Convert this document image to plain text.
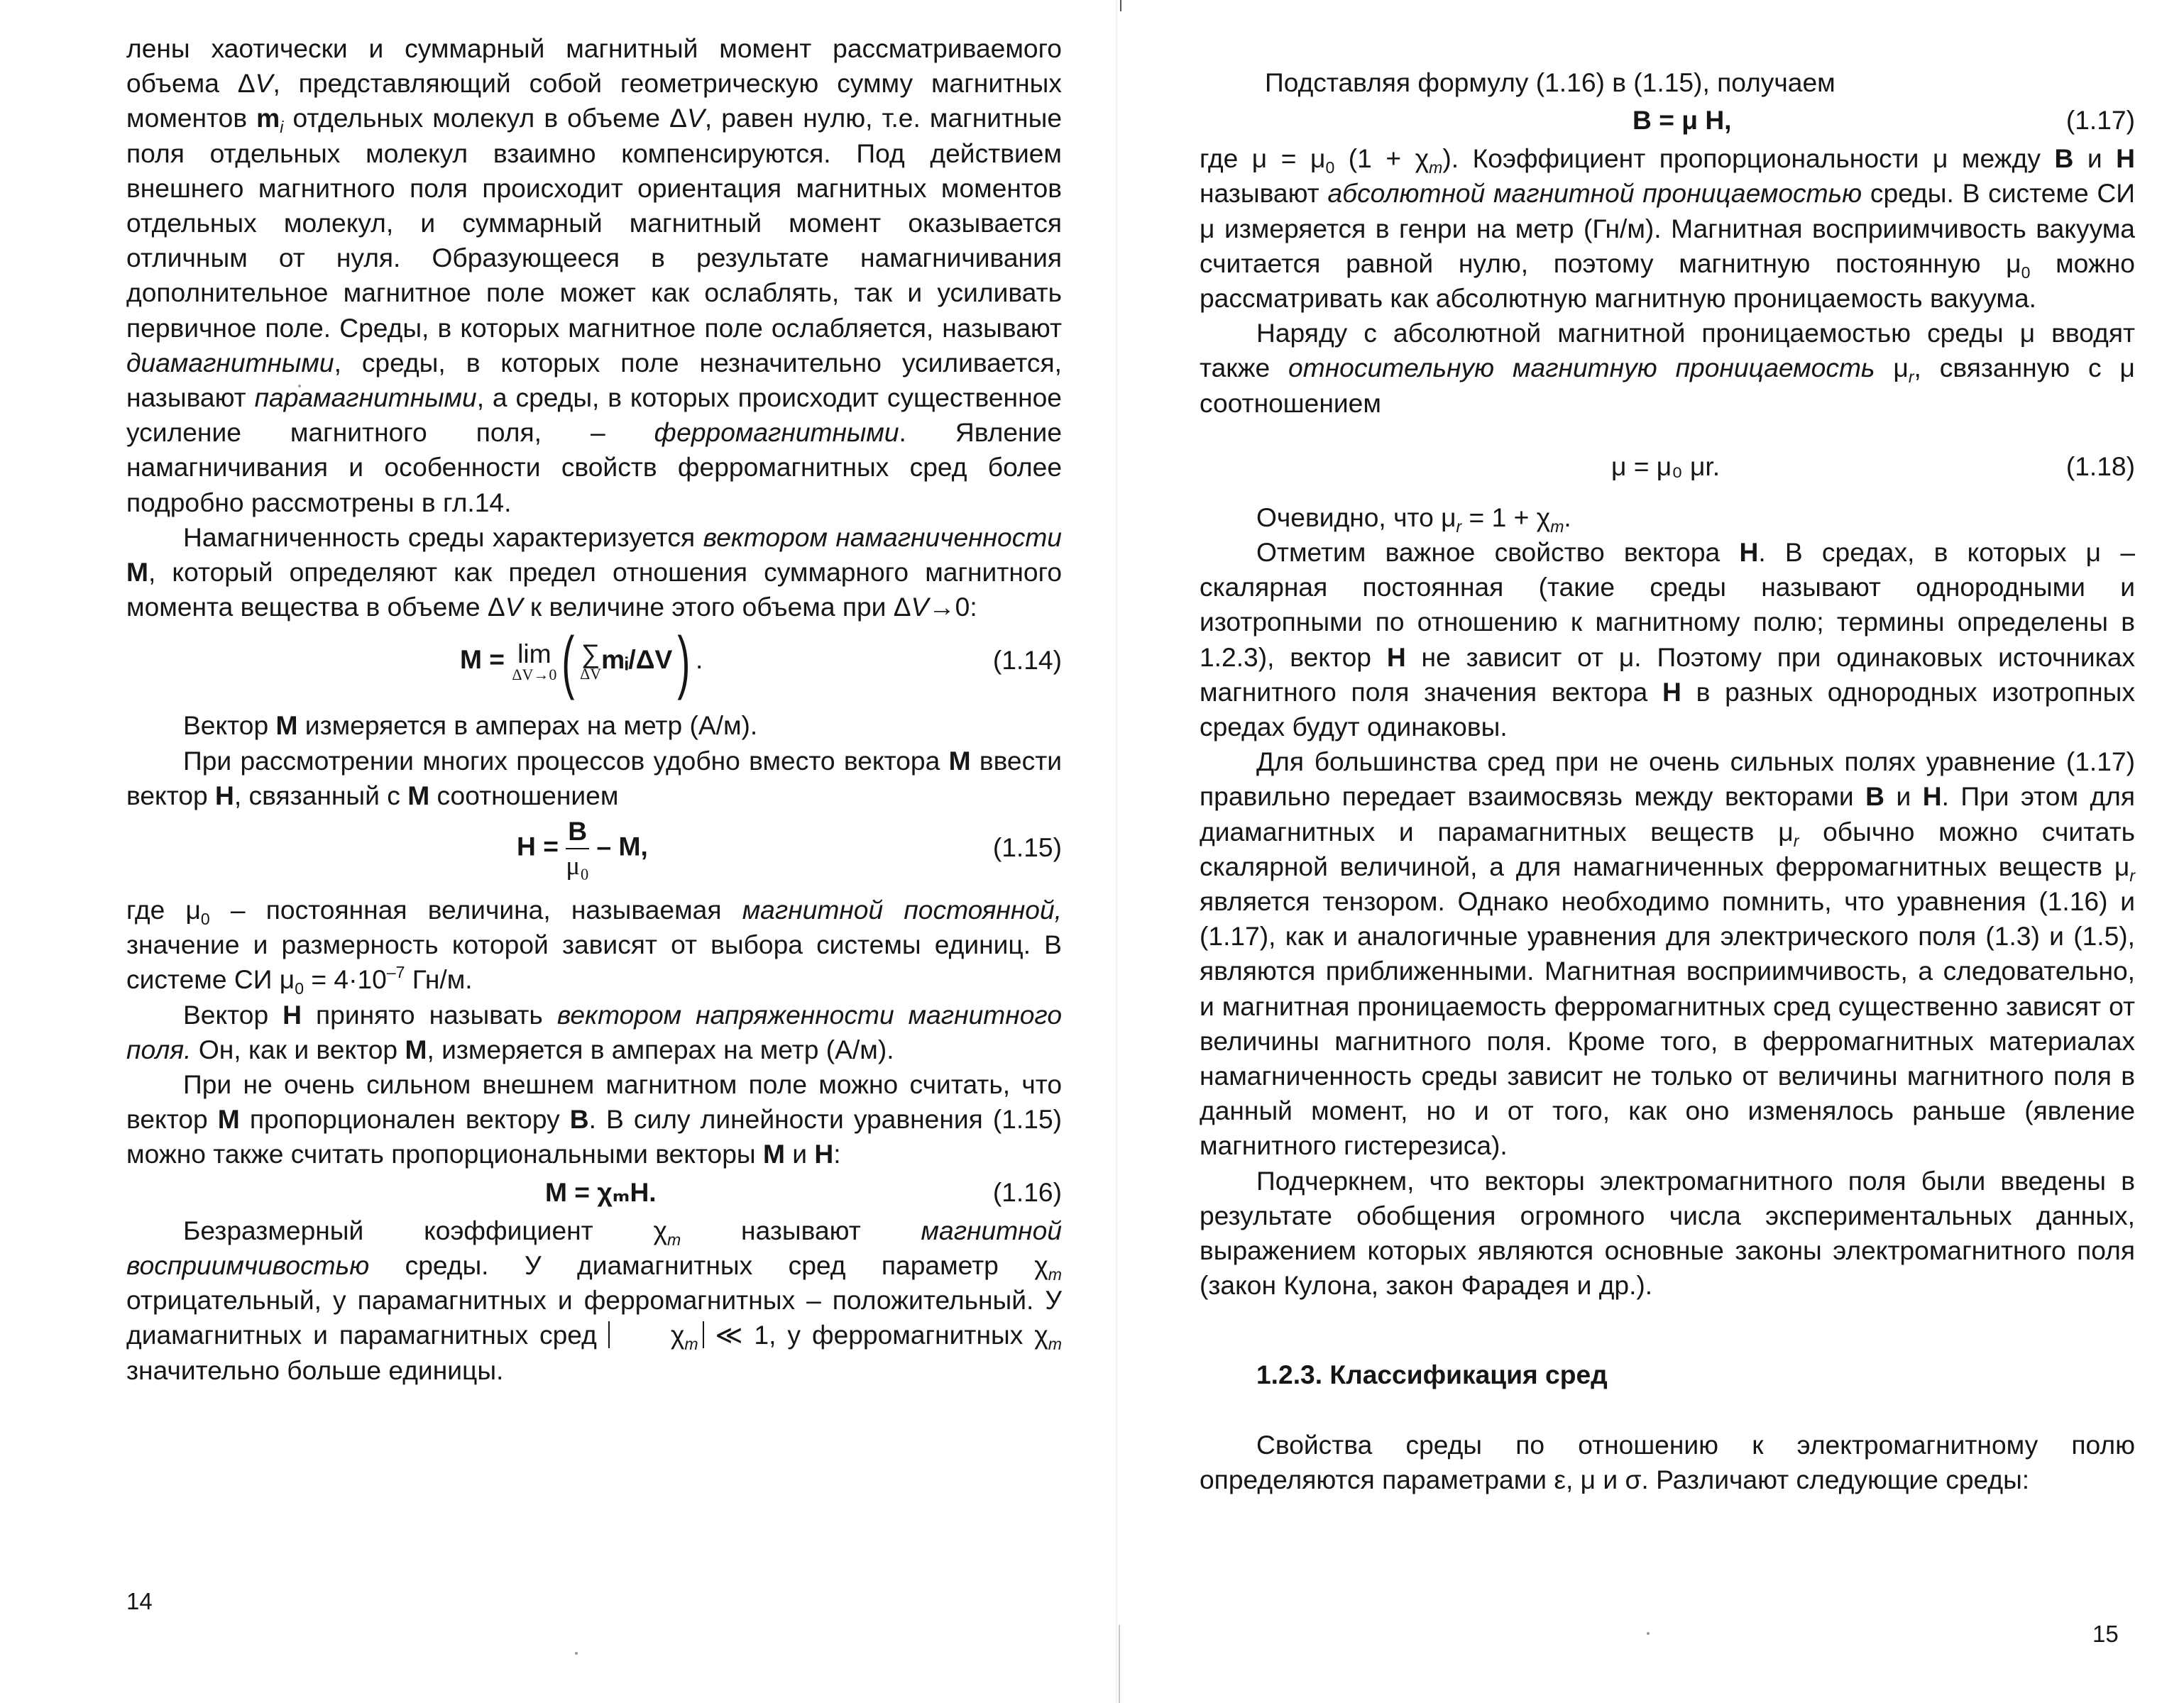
лены хаотически и суммарный магнитный момент рассматриваемого объема ΔV, представляющий собой геометрическую сумму магнитных моментов $m_i$ отдельных молекул в объеме ΔV, равен нулю, т.е. магнитные поля отдельных молекул взаимно компенсируются. Под действием внешнего магнитного поля происходит ориентация магнитных моментов отдельных молекул, и суммарный магнитный момент оказывается отличным от нуля. Образующееся в результате намагничивания дополнительное магнитное поле может как ослаблять, так и усиливать первичное поле. Среды, в которых магнитное поле ослабляется, называют диамагнитными, среды, в которых поле незначительно усиливается, называют парамагнитными, а среды, в которых происходит существенное усиление магнитного поля, – ферромагнитными. Явление намагничивания и особенности свойств ферромагнитных сред более подробно рассмотрены в гл.14.

Намагниченность среды характеризуется вектором намагниченности M, который определяют как предел отношения суммарного магнитного момента вещества в объеме ΔV к величине этого объема при ΔV→0:

M = lim
ΔV→0 ( ∑
ΔV mᵢ/ΔV) .	(1.14)

Вектор M измеряется в амперах на метр (А/м).

При рассмотрении многих процессов удобно вместо вектора M ввести вектор H, связанный с M соотношением

$H = \frac{B}{\text{μ₀}} - M$,	(1.15)

где $\mu_0$ – постоянная величина, называемая магнитной постоянной, значение и размерность которой зависят от выбора системы единиц. В системе СИ $\mu_0 = 4\cdot 10^{-7}$ Гн/м.

Вектор H принято называть вектором напряженности магнитного поля. Он, как и вектор M, измеряется в амперах на метр (А/м).

При не очень сильном внешнем магнитном поле можно считать, что вектор M пропорционален вектору B. В силу линейности уравнения (1.15) можно также считать пропорциональными векторы M и H:

M = χₘH.	(1.16)

Безразмерный коэффициент $\chi_m$ называют магнитной восприимчивостью среды. У диамагнитных сред параметр $\chi_m$ отрицательный, у парамагнитных и ферромагнитных – положительный. У диамагнитных и парамагнитных сред $\chi_m$ ≪ 1, у ферромагнитных $\chi_m$ значительно больше единицы.

14

Подставляя формулу (1.16) в (1.15), получаем

B = μ H,	(1.17)

где $\mu = \mu_0$ $(1 + \chi_m)$. Коэффициент пропорциональности μ между B и H называют абсолютной магнитной проницаемостью среды. В системе СИ μ измеряется в генри на метр (Гн/м). Магнитная восприимчивость вакуума считается равной нулю, поэтому магнитную постоянную $\mu_0$ можно рассматривать как абсолютную магнитную проницаемость вакуума.

Наряду с абсолютной магнитной проницаемостью среды μ вводят также относительную магнитную проницаемость $\mu_r$, связанную с μ соотношением

μ = μ₀ μr.	(1.18)

Очевидно, что $\mu_r = 1 + \chi_m$.

Отметим важное свойство вектора H. В средах, в которых μ – скалярная постоянная (такие среды называют однородными и изотропными по отношению к магнитному полю; термины определены в 1.2.3), вектор H не зависит от μ. Поэтому при одинаковых источниках магнитного поля значения вектора H в разных однородных изотропных средах будут одинаковы.

Для большинства сред при не очень сильных полях уравнение (1.17) правильно передает взаимосвязь между векторами B и H. При этом для диамагнитных и парамагнитных веществ $\mu_r$ обычно можно считать скалярной величиной, а для намагниченных ферромагнитных веществ $\mu_r$ является тензором. Однако необходимо помнить, что уравнения (1.16) и (1.17), как и аналогичные уравнения для электрического поля (1.3) и (1.5), являются приближенными. Магнитная восприимчивость, а следовательно, и магнитная проницаемость ферромагнитных сред существенно зависят от величины магнитного поля. Кроме того, в ферромагнитных материалах намагниченность среды зависит не только от величины магнитного поля в данный момент, но и от того, как оно изменялось раньше (явление магнитного гистерезиса).

Подчеркнем, что векторы электромагнитного поля были введены в результате обобщения огромного числа экспериментальных данных, выражением которых являются основные законы электромагнитного поля (закон Кулона, закон Фарадея и др.).

1.2.3. Классификация сред

Свойства среды по отношению к электромагнитному полю определяются параметрами ε, μ и σ. Различают следующие среды:

15
